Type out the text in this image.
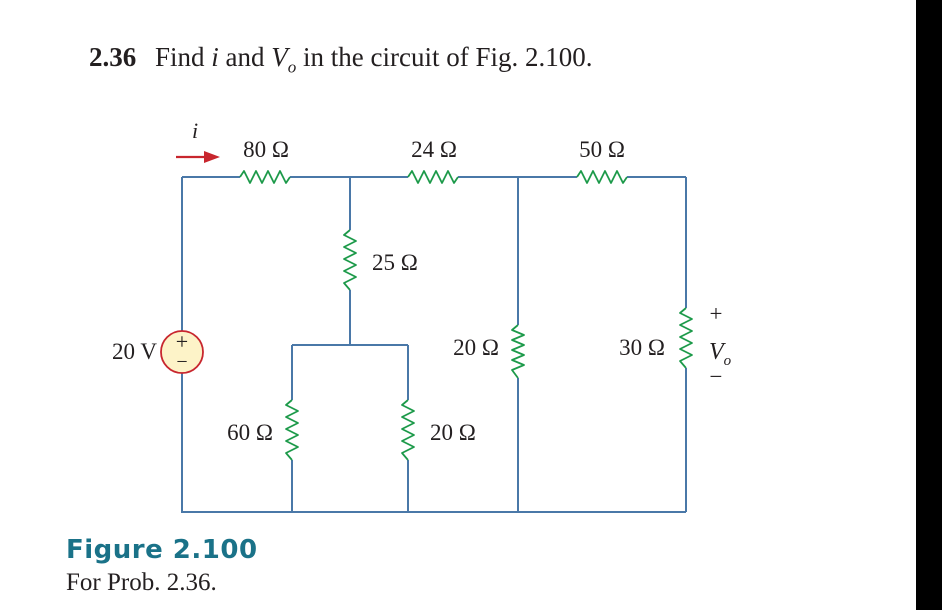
2.36 Find i and $V_o$ in the circuit of Fig. 2.100.
+
−
i
20 V
80 Ω	24 Ω	50 Ω
25 Ω
20 Ω	30 Ω
60 Ω	20 Ω
+
$V_o$
−
Figure 2.100
For Prob. 2.36.
